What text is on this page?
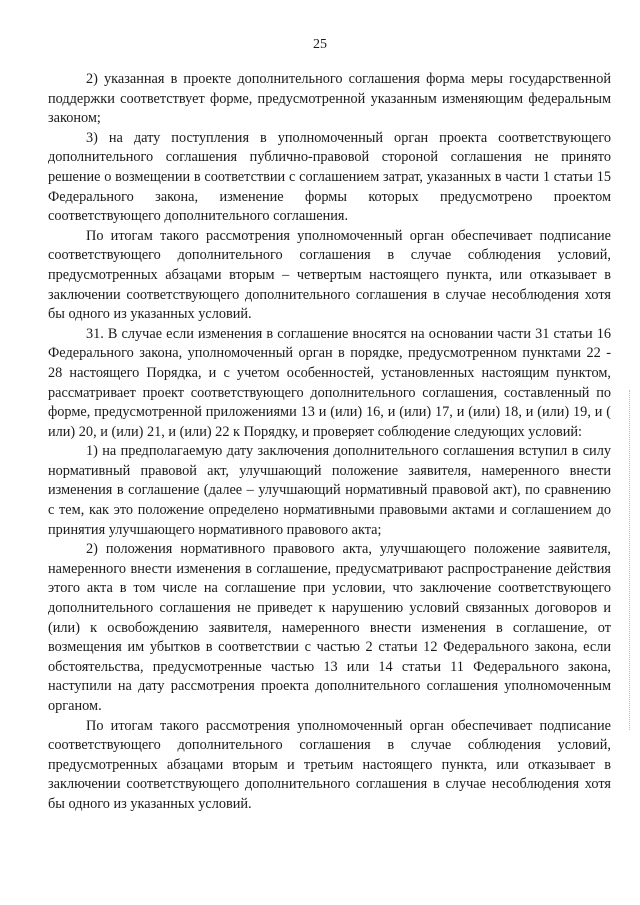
25

2) указанная в проекте дополнительного соглашения форма меры государственной поддержки соответствует форме, предусмотренной указанным изменяющим федеральным законом;

3) на дату поступления в уполномоченный орган проекта соответствующего дополнительного соглашения публично-правовой стороной соглашения не принято решение о возмещении в соответствии с соглашением затрат, указанных в части 1 статьи 15 Федерального закона, изменение формы которых предусмотрено проектом соответствующего дополнительного соглашения.

По итогам такого рассмотрения уполномоченный орган обеспечивает подписание соответствующего дополнительного соглашения в случае соблюдения условий, предусмотренных абзацами вторым – четвертым настоящего пункта, или отказывает в заключении соответствующего дополнительного соглашения в случае несоблюдения хотя бы одного из указанных условий.

31. В случае если изменения в соглашение вносятся на основании части 31 статьи 16 Федерального закона, уполномоченный орган в порядке, предусмотренном пунктами 22 - 28 настоящего Порядка, и с учетом особенностей, установленных настоящим пунктом, рассматривает проект соответствующего дополнительного соглашения, составленный по форме, предусмотренной приложениями 13 и (или) 16, и (или) 17, и (или) 18, и (или) 19, и ( или) 20, и (или) 21, и (или) 22 к Порядку, и проверяет соблюдение следующих условий:

1) на предполагаемую дату заключения дополнительного соглашения вступил в силу нормативный правовой акт, улучшающий положение заявителя, намеренного внести изменения в соглашение (далее – улучшающий нормативный правовой акт), по сравнению с тем, как это положение определено нормативными правовыми актами и соглашением до принятия улучшающего нормативного правового акта;

2) положения нормативного правового акта, улучшающего положение заявителя, намеренного внести изменения в соглашение, предусматривают распространение действия этого акта в том числе на соглашение при условии, что заключение соответствующего дополнительного соглашения не приведет к нарушению условий связанных договоров и (или) к освобождению заявителя, намеренного внести изменения в соглашение, от возмещения им убытков в соответствии с частью 2 статьи 12 Федерального закона, если обстоятельства, предусмотренные частью 13 или 14 статьи 11 Федерального закона, наступили на дату рассмотрения проекта дополнительного соглашения уполномоченным органом.

По итогам такого рассмотрения уполномоченный орган обеспечивает подписание соответствующего дополнительного соглашения в случае соблюдения условий, предусмотренных абзацами вторым и третьим настоящего пункта, или отказывает в заключении соответствующего дополнительного соглашения в случае несоблюдения хотя бы одного из указанных условий.
